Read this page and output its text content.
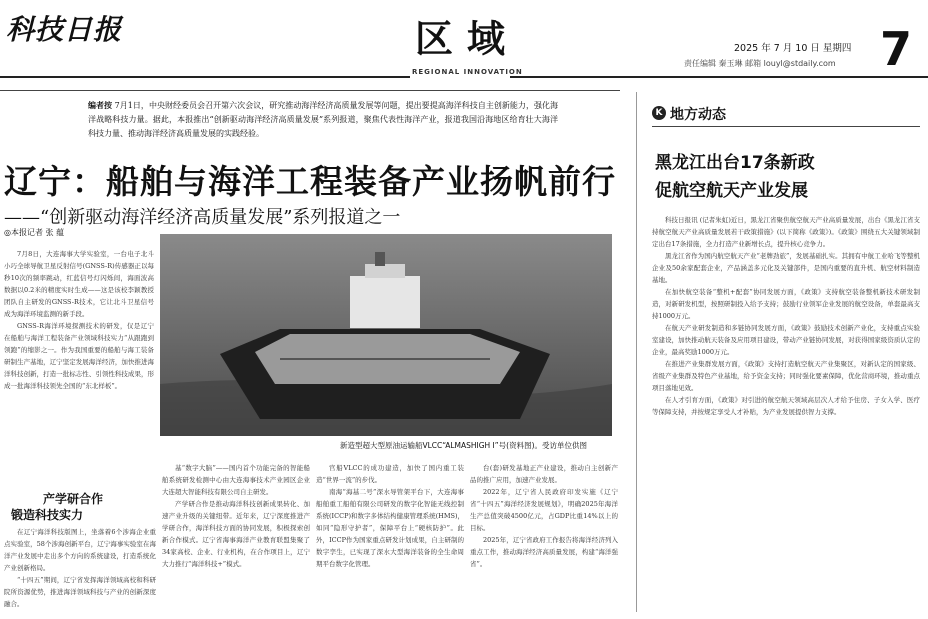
科技日报	区域
REGIONAL INNOVATION
2025 年 7 月 10 日 星期四
责任编辑 秦玉琳 邮箱 louyl@stdaily.com 7
编者按 7月1日，中央财经委员会召开第六次会议，研究推动海洋经济高质量发展等问题，提出要提高海洋科技自主创新能力，强化海洋战略科技力量。据此，本报推出“创新驱动海洋经济高质量发展”系列报道，聚焦代表性海洋产业，报道我国沿海地区给育壮大海洋科技力量、推动海洋经济高质量发展的实践经验。
辽宁：船舶与海洋工程装备产业扬帆前行
——“创新驱动海洋经济高质量发展”系列报道之一
◎本报记者 张 蕴

7月8日，大连海事大学实验室，一台电子北斗小巧全球导航卫星反射信号(GNSS-R)传感器正以每秒10次的频率跳动，红蓝信号灯闪烁间，海面波高数据以0.2米的精度实时生成——这是该校李颖教授团队自主研发的GNSS-R技术，它让北斗卫星信号成为海洋环境监测的新手段。

GNSS-R海洋环境探测技术的研发，仅是辽宁在船舶与海洋工程装备产业领域科技实力“从跟跑到领跑”的缩影之一。作为我国重要的船舶与海工装备研制生产基地，辽宁坚定发展海洋经济，加快推进海洋科技创新，打造一批标志性、引领性科技成果，形成一批海洋科技领先全国的“东北样板”。

新造型超大型原油运输船VLCC“ALMASHIGH I”号(资料图)。受访单位供图
产学研合作
锻造科技实力

在辽宁海洋科技版图上，坐落着6个涉海企业重点实验室，58个涉海创新平台，辽宁海事实验室在海洋产业发展中走出多个方向的系统建设，打造系统化产业创新格局。

“十四五”期间，辽宁省发挥海洋领域高校和科研院所资源优势，推进海洋领域科技与产业的创新深度融合。

基“数字大脑”——国内首个功能完备的智能船舶系统研发检测中心由大连海事技术产业园区企业大连超大智能科技有限公司自主研发。

产学研合作是推动海洋科技创新成果转化、加速产业升级的关键纽带。近年来，辽宁深度推进产学研合作，海洋科技方面的协同发展，积极探索创新合作模式。辽宁省海事海洋产业教育联盟集聚了34家高校、企业、行业机构，在合作项目上，辽宁大力推行“海洋科技+”模式。

官船VLCC的成功建造，加快了国内重工装造“世界一流”的步伐。

南海“海基二号”深水导管架平台下，大连海事船舶重工船舶有限公司研发的数字化智能无线控制系统(ICCP)和数字多体结构健康管理系统(HMS)，如同“隐形守护者”，保障平台上“硬核防护”。此外，ICCP作为国家重点研发计划成果，自主研制的数字孪生，已实现了深水大型海洋装备的全生命周期平台数字化管理。

台(套)研发基地正产业建设，推动自主创新产品的推广应用，加速产业发展。

2022年，辽宁省人民政府印发实施《辽宁省“十四五”海洋经济发展规划》，明确2025年海洋生产总值突破4500亿元，占GDP比重14%以上的目标。

2025年，辽宁省政府工作报告将海洋经济列入重点工作，推动海洋经济高质量发展，构建“海洋强省”。

K 地方动态
黑龙江出台17条新政
促航空航天产业发展

科技日报讯 (记者朱虹)近日，黑龙江省聚焦航空航天产业高质量发展，出台《黑龙江省支持航空航天产业高质量发展若干政策措施》(以下简称《政策》)。《政策》围绕五大关键领域制定出台17条措施，全力打造产业新增长点，提升核心竞争力。

黑龙江省作为国内航空航天产业“老牌劲旅”，发展基础扎实。其拥有中航工业哈飞等整机企业及50余家配套企业，产品涵盖多元化及关键部件，是国内重要的直升机、航空材料制造基地。

在加快航空装备“整机+配套”协同发展方面，《政策》支持航空装备整机新技术研发制造，对新研发机型，按照研制投入给予支持；鼓励行业领军企业发展的航空设备，单套最高支持1000万元。

在航天产业研发制造和多链协同发展方面，《政策》鼓励技术创新产业化，支持重点实验室建设，加快推动航天装备及应用项目建设，带动产业链协同发展，对获得国家级资质认定的企业，最高奖励1000万元。

在推进产业集群发展方面，《政策》支持打造航空航天产业集聚区，对新认定的国家级、省级产业集群及特色产业基地，给予资金支持；同时强化要素保障，优化营商环境，推动重点项目落地见效。

在人才引育方面，《政策》对引进的航空航天领域高层次人才给予住房、子女入学、医疗等保障支持，并按规定享受人才补贴，为产业发展提供智力支撑。
